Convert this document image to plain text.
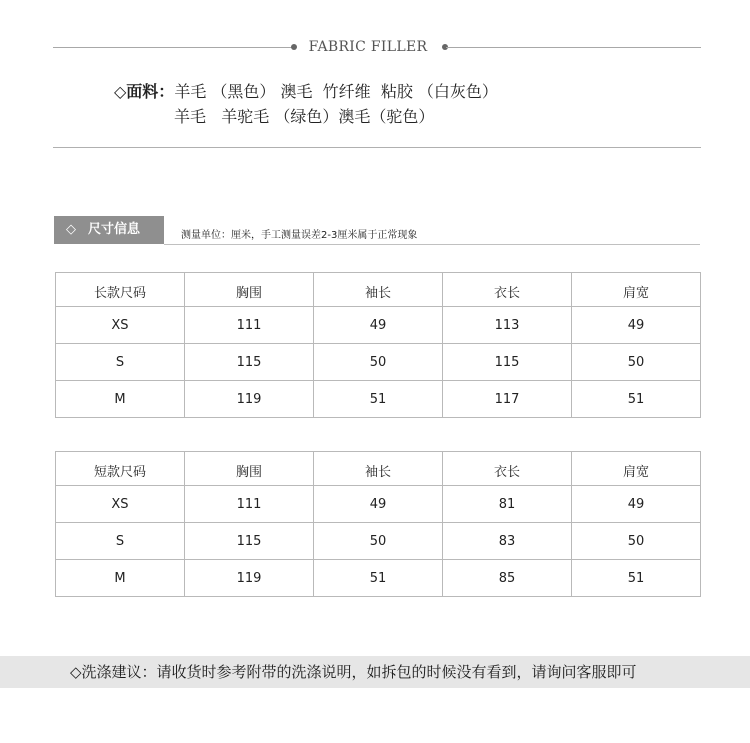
FABRIC FILLER
◇面料：羊毛 （黑色） 澳毛  竹纤维  粘胶 （白灰色）
羊毛   羊驼毛 （绿色）澳毛（驼色）
◇ 尺寸信息	测量单位：厘米，手工测量误差2-3厘米属于正常现象
长款尺码	胸围	袖长	衣长	肩宽
XS	111	49	113	49
S	115	50	115	50
M	119	51	117	51
短款尺码	胸围	袖长	衣长	肩宽
XS	111	49	81	49
S	115	50	83	50
M	119	51	85	51
◇洗涤建议：请收货时参考附带的洗涤说明，如拆包的时候没有看到，请询问客服即可
